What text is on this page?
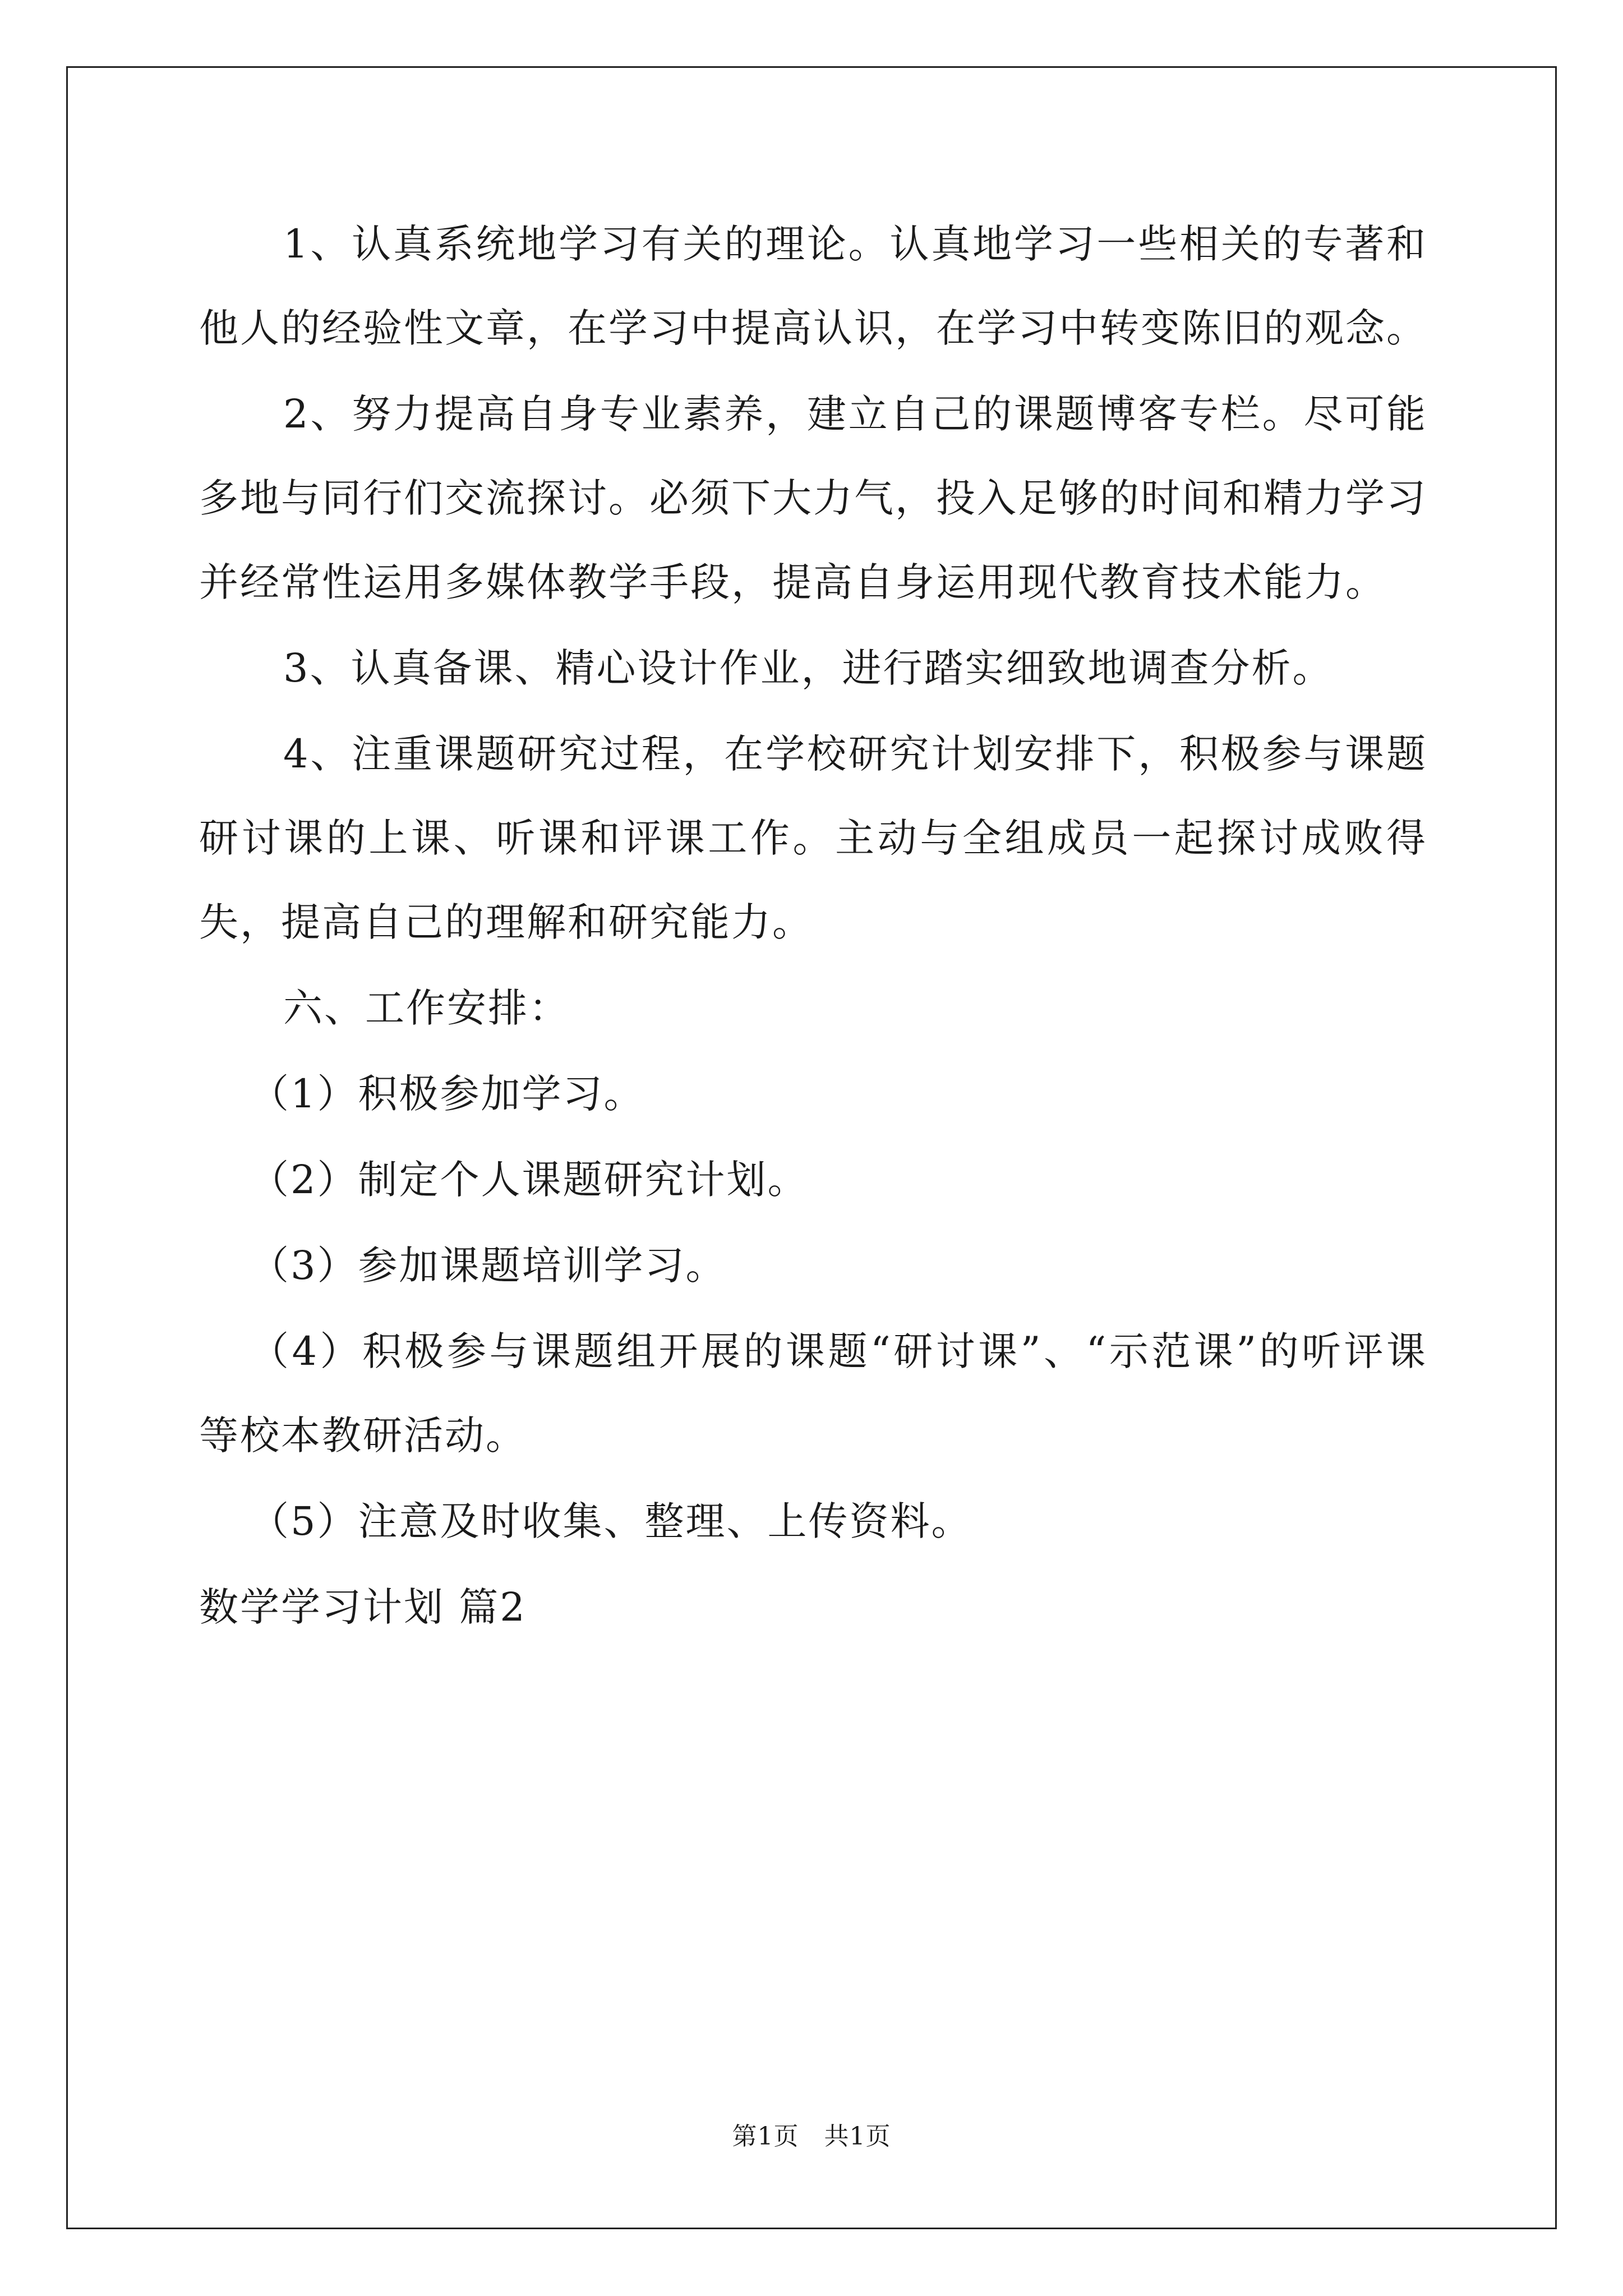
1、认真系统地学习有关的理论。认真地学习一些相关的专著和他人的经验性文章，在学习中提高认识，在学习中转变陈旧的观念。

2、努力提高自身专业素养，建立自己的课题博客专栏。尽可能多地与同行们交流探讨。必须下大力气，投入足够的时间和精力学习并经常性运用多媒体教学手段，提高自身运用现代教育技术能力。

3、认真备课、精心设计作业，进行踏实细致地调查分析。

4、注重课题研究过程，在学校研究计划安排下，积极参与课题研讨课的上课、听课和评课工作。主动与全组成员一起探讨成败得失，提高自己的理解和研究能力。

六、工作安排：

（1）积极参加学习。

（2）制定个人课题研究计划。

（3）参加课题培训学习。

（4）积极参与课题组开展的课题“研讨课”、“示范课”的听评课等校本教研活动。

（5）注意及时收集、整理、上传资料。

数学学习计划 篇2

第1页　共1页
